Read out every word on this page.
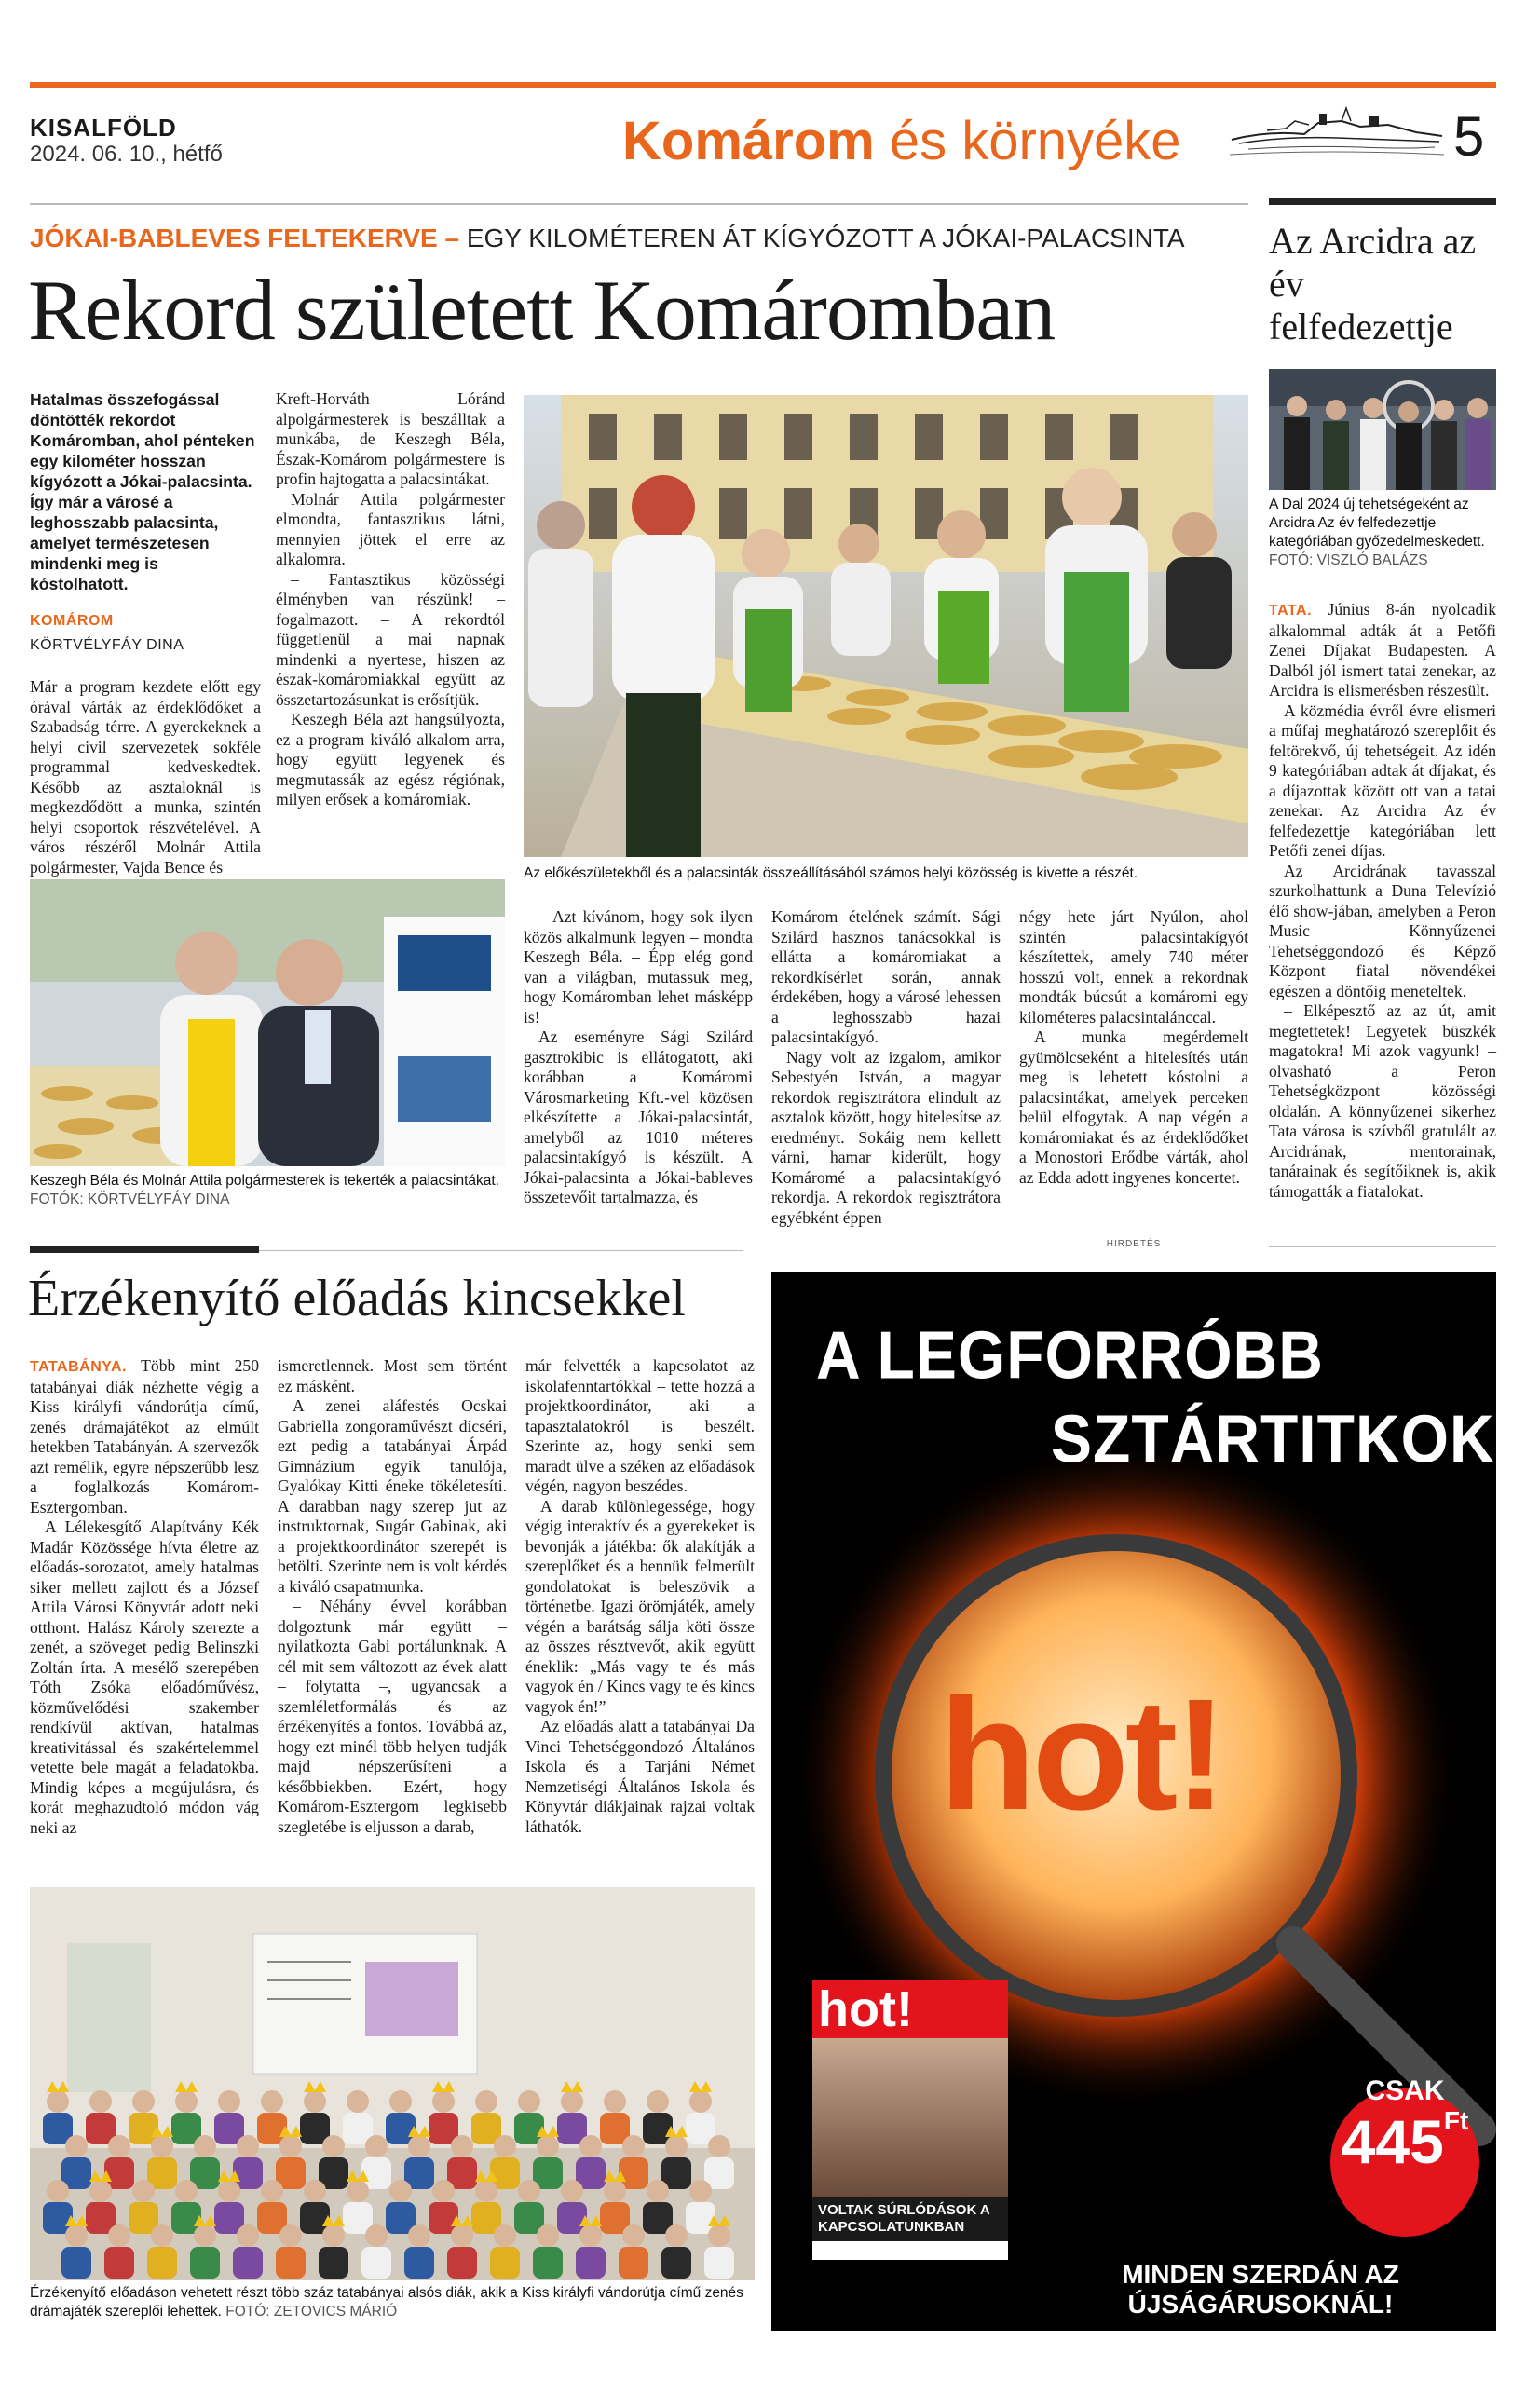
KISALFÖLD
2024. 06. 10., hétfő	Komárom és környéke	5
JÓKAI-BABLEVES FELTEKERVE – EGY KILOMÉTEREN ÁT KÍGYÓZOTT A JÓKAI-PALACSINTA
Rekord született Komáromban

Hatalmas összefogással döntötték rekordot Komáromban, ahol pénteken egy kilométer hosszan kígyózott a Jókai-palacsinta. Így már a városé a leghosszabb palacsinta, amelyet természetesen mindenki meg is kóstolhatott.

KOMÁROM
KÖRTVÉLYFÁY DINA

Már a program kezdete előtt egy órával várták az érdeklődőket a Szabadság térre. A gyerekeknek a helyi civil szervezetek sokféle programmal kedveskedtek. Később az asztaloknál is megkezdődött a munka, szintén helyi csoportok részvételével. A város részéről Molnár Attila polgármester, Vajda Bence és

Kreft-Horváth Lóránd alpolgármesterek is beszálltak a munkába, de Keszegh Béla, Észak-Komárom polgármestere is profin hajtogatta a palacsintákat.

Molnár Attila polgármester elmondta, fantasztikus látni, mennyien jöttek el erre az alkalomra.

– Fantasztikus közösségi élményben van részünk! – fogalmazott. – A rekordtól függetlenül a mai napnak mindenki a nyertese, hiszen az észak-komáromiakkal együtt az összetartozásunkat is erősítjük.

Keszegh Béla azt hangsúlyozta, ez a program kiváló alkalom arra, hogy együtt legyenek és megmutassák az egész régiónak, milyen erősek a komáromiak.

Az előkészületekből és a palacsinták összeállításából számos helyi közösség is kivette a részét.
Keszegh Béla és Molnár Attila polgármesterek is tekerték a palacsintákat.
FOTÓK: KÖRTVÉLYFÁY DINA

– Azt kívánom, hogy sok ilyen közös alkalmunk legyen – mondta Keszegh Béla. – Épp elég gond van a világban, mutassuk meg, hogy Komáromban lehet másképp is!

Az eseményre Sági Szilárd gasztrokibic is ellátogatott, aki korábban a Komáromi Városmarketing Kft.-vel közösen elkészítette a Jókai-palacsintát, amelyből az 1010 méteres palacsintakígyó is készült. A Jókai-palacsinta a Jókai-bableves összetevőit tartalmazza, és

Komárom ételének számít. Sági Szilárd hasznos tanácsokkal is ellátta a komáromiakat a rekordkísérlet során, annak érdekében, hogy a városé lehessen a leghosszabb hazai palacsintakígyó.

Nagy volt az izgalom, amikor Sebestyén István, a magyar rekordok regisztrátora elindult az asztalok között, hogy hitelesítse az eredményt. Sokáig nem kellett várni, hamar kiderült, hogy Komáromé a palacsintakígyó rekordja. A rekordok regisztrátora egyébként éppen

négy hete járt Nyúlon, ahol szintén palacsintakígyót készítettek, amely 740 méter hosszú volt, ennek a rekordnak mondták búcsút a komáromi egy kilométeres palacsintalánccal.

A munka megérdemelt gyümölcseként a hitelesítés után meg is lehetett kóstolni a palacsintákat, amelyek perceken belül elfogytak. A nap végén a komáromiakat és az érdeklődőket a Monostori Erődbe várták, ahol az Edda adott ingyenes koncertet.

Az Arcidra az év felfedezettje
A Dal 2024 új tehetségeként az Arcidra Az év felfedezettje kategóriában győzedelmeskedett. FOTÓ: VISZLÓ BALÁZS

TATA. Június 8-án nyolcadik alkalommal adták át a Petőfi Zenei Díjakat Budapesten. A Dalból jól ismert tatai zenekar, az Arcidra is elismerésben részesült.

A közmédia évről évre elismeri a műfaj meghatározó szereplőit és feltörekvő, új tehetségeit. Az idén 9 kategóriában adtak át díjakat, és a díjazottak között ott van a tatai zenekar. Az Arcidra Az év felfedezettje kategóriában lett Petőfi zenei díjas.

Az Arcidrának tavasszal szurkolhattunk a Duna Televízió élő show-jában, amelyben a Peron Music Könnyűzenei Tehetséggondozó és Képző Központ fiatal növendékei egészen a döntőig meneteltek.

– Elképesztő az az út, amit megtettetek! Legyetek büszkék magatokra! Mi azok vagyunk! – olvasható a Peron Tehetségközpont közösségi oldalán. A könnyűzenei sikerhez Tata városa is szívből gratulált az Arcidrának, mentorainak, tanárainak és segítőiknek is, akik támogatták a fiatalokat.

Érzékenyítő előadás kincsekkel

TATABÁNYA. Több mint 250 tatabányai diák nézhette végig a Kiss királyfi vándorútja című, zenés drámajátékot az elmúlt hetekben Tatabányán. A szervezők azt remélik, egyre népszerűbb lesz a foglalkozás Komárom-Esztergomban.

A Lélekesgítő Alapítvány Kék Madár Közössége hívta életre az előadás-sorozatot, amely hatalmas siker mellett zajlott és a József Attila Városi Könyvtár adott neki otthont. Halász Károly szerezte a zenét, a szöveget pedig Belinszki Zoltán írta. A mesélő szerepében Tóth Zsóka előadóművész, közművelődési szakember rendkívül aktívan, hatalmas kreativitással és szakértelemmel vetette bele magát a feladatokba. Mindig képes a megújulásra, és korát meghazudtoló módon vág neki az

ismeretlennek. Most sem történt ez másként.

A zenei aláfestés Ocskai Gabriella zongoraművészt dicséri, ezt pedig a tatabányai Árpád Gimnázium egyik tanulója, Gyalókay Kitti éneke tökéletesíti. A darabban nagy szerep jut az instruktornak, Sugár Gabinak, aki a projektkoordinátor szerepét is betölti. Szerinte nem is volt kérdés a kiváló csapatmunka.

– Néhány évvel korábban dolgoztunk már együtt – nyilatkozta Gabi portálunknak. A cél mit sem változott az évek alatt – folytatta –, ugyancsak a szemléletformálás és az érzékenyítés a fontos. Továbbá az, hogy ezt minél több helyen tudják majd népszerűsíteni a későbbiekben. Ezért, hogy Komárom-Esztergom legkisebb szegletébe is eljusson a darab,

már felvették a kapcsolatot az iskolafenntartókkal – tette hozzá a projektkoordinátor, aki a tapasztalatokról is beszélt. Szerinte az, hogy senki sem maradt ülve a széken az előadások végén, nagyon beszédes.

A darab különlegessége, hogy végig interaktív és a gyerekeket is bevonják a játékba: ők alakítják a szereplőket és a bennük felmerült gondolatokat is beleszövik a történetbe. Igazi örömjáték, amely végén a barátság sálja köti össze az összes résztvevőt, akik együtt éneklik: „Más vagy te és más vagyok én / Kincs vagy te és kincs vagyok én!”

Az előadás alatt a tatabányai Da Vinci Tehetséggondozó Általános Iskola és a Tarjáni Német Nemzetiségi Általános Iskola és Könyvtár diákjainak rajzai voltak láthatók.

Érzékenyítő előadáson vehetett részt több száz tatabányai alsós diák, akik a Kiss királyfi vándorútja című zenés drámajáték szereplői lehettek. FOTÓ: ZETOVICS MÁRIÓ
HIRDETÉS
A LEGFORRÓBB
SZTÁRTITKOK
hot!
hot!
VOLTAK SÚRLÓDÁSOK A KAPCSOLATUNKBAN
CSAK
$445^{Ft}$
MINDEN SZERDÁN AZ ÚJSÁGÁRUSOKNÁL!
